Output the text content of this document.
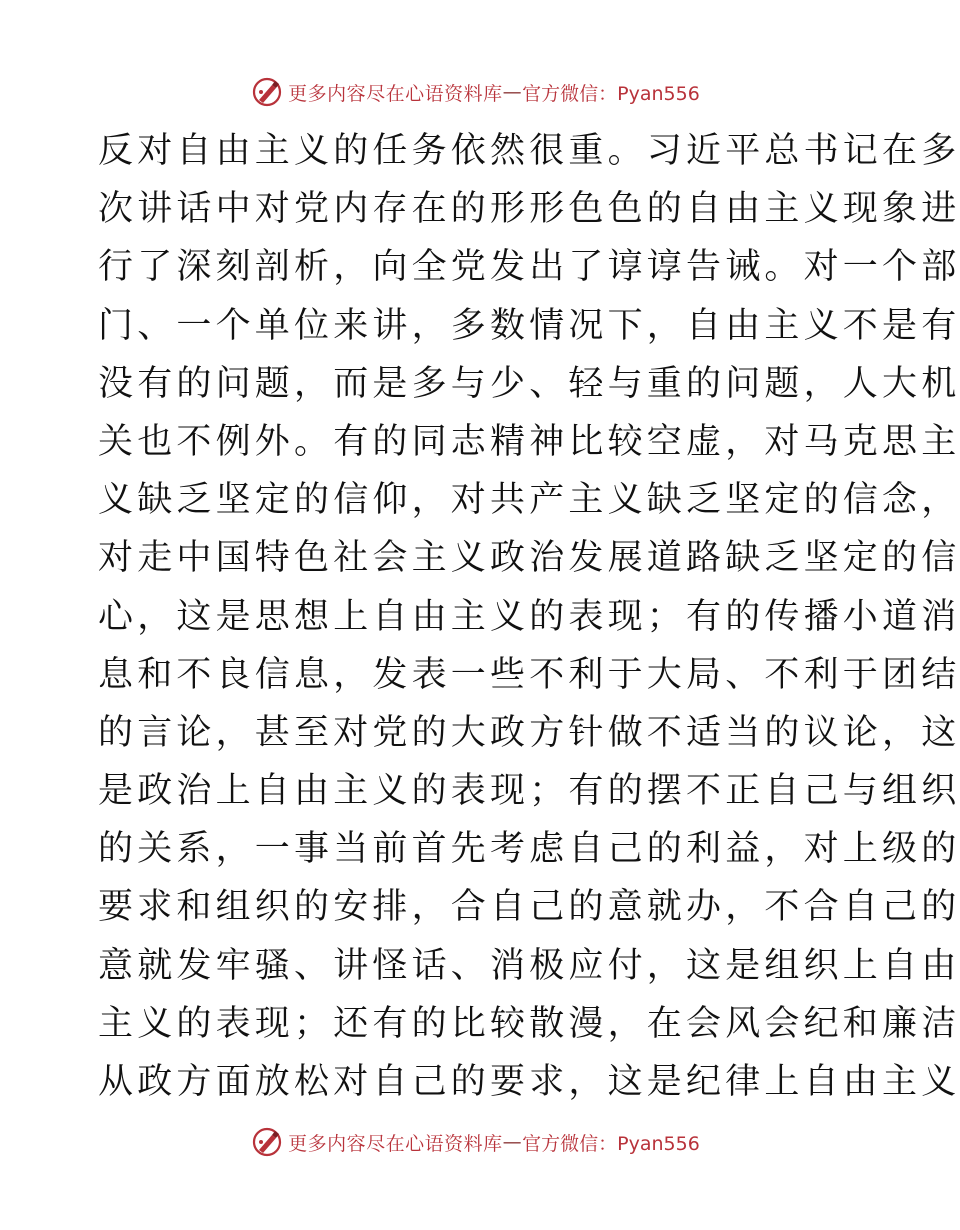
更多内容尽在心语资料库 — 官方微信：Pyan556
反对自由主义的任务依然很重。习近平总书记在多
次讲话中对党内存在的形形色色的自由主义现象进
行了深刻剖析，向全党发出了谆谆告诫。对一个部
门、一个单位来讲，多数情况下，自由主义不是有
没有的问题，而是多与少、轻与重的问题，人大机
关也不例外。有的同志精神比较空虚，对马克思主
义缺乏坚定的信仰，对共产主义缺乏坚定的信念，
对走中国特色社会主义政治发展道路缺乏坚定的信
心，这是思想上自由主义的表现；有的传播小道消
息和不良信息，发表一些不利于大局、不利于团结
的言论，甚至对党的大政方针做不适当的议论，这
是政治上自由主义的表现；有的摆不正自己与组织
的关系，一事当前首先考虑自己的利益，对上级的
要求和组织的安排，合自己的意就办，不合自己的
意就发牢骚、讲怪话、消极应付，这是组织上自由
主义的表现；还有的比较散漫，在会风会纪和廉洁
从政方面放松对自己的要求，这是纪律上自由主义
更多内容尽在心语资料库 — 官方微信：Pyan556
